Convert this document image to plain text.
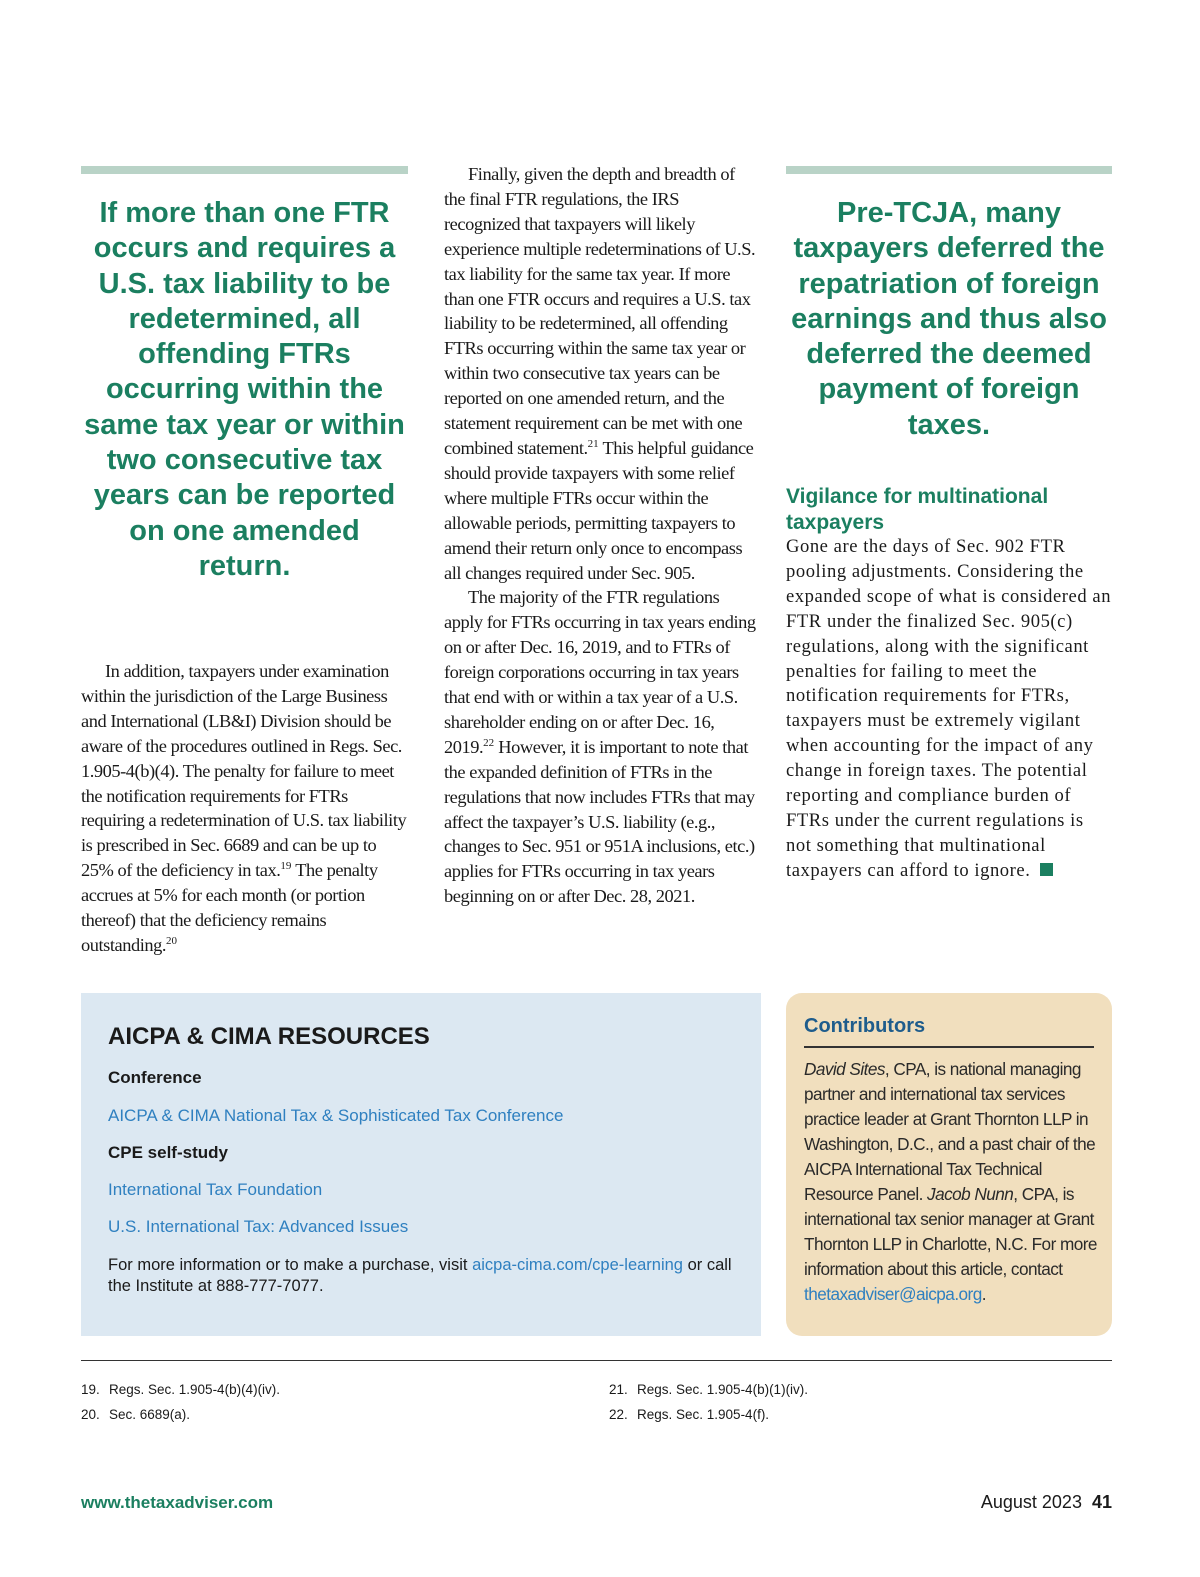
If more than one FTR occurs and requires a U.S. tax liability to be redetermined, all offending FTRs occurring within the same tax year or within two consecutive tax years can be reported on one amended return.

In addition, taxpayers under examination within the jurisdiction of the Large Business and International (LB&I) Division should be aware of the procedures outlined in Regs. Sec. 1.905-4(b)(4). The penalty for failure to meet the notification requirements for FTRs requiring a redetermination of U.S. tax liability is prescribed in Sec. 6689 and can be up to 25% of the deficiency in tax.$^{19}$ The penalty accrues at 5% for each month (or portion thereof) that the deficiency remains outstanding.$^{20}$

Finally, given the depth and breadth of the final FTR regulations, the IRS recognized that taxpayers will likely experience multiple redeterminations of U.S. tax liability for the same tax year. If more than one FTR occurs and requires a U.S. tax liability to be redetermined, all offending FTRs occurring within the same tax year or within two consecutive tax years can be reported on one amended return, and the statement requirement can be met with one combined statement.$^{21}$ This helpful guidance should provide taxpayers with some relief where multiple FTRs occur within the allowable periods, permitting taxpayers to amend their return only once to encompass all changes required under Sec. 905.

The majority of the FTR regulations apply for FTRs occurring in tax years ending on or after Dec. 16, 2019, and to FTRs of foreign corporations occurring in tax years that end with or within a tax year of a U.S. shareholder ending on or after Dec. 16, 2019.22 However, it is important to note that the expanded definition of FTRs in the regulations that now includes FTRs that may affect the taxpayer’s U.S. liability (e.g., changes to Sec. 951 or 951A inclusions, etc.) applies for FTRs occurring in tax years beginning on or after Dec. 28, 2021.

Pre-TCJA, many taxpayers deferred the repatriation of foreign earnings and thus also deferred the deemed payment of foreign taxes.
Vigilance for multinational taxpayers
Gone are the days of Sec. 902 FTR pooling adjustments. Considering the expanded scope of what is considered an FTR under the finalized Sec. 905(c) regulations, along with the significant penalties for failing to meet the notification requirements for FTRs, taxpayers must be extremely vigilant when accounting for the impact of any change in foreign taxes. The potential reporting and compliance burden of FTRs under the current regulations is not something that multinational taxpayers can afford to ignore.
AICPA & CIMA RESOURCES
Conference
AICPA & CIMA National Tax & Sophisticated Tax Conference
CPE self-study
International Tax Foundation
U.S. International Tax: Advanced Issues
For more information or to make a purchase, visit aicpa-cima.com/cpe-learning or call the Institute at 888-777-7077.
Contributors
David Sites, CPA, is national managing partner and international tax services practice leader at Grant Thornton LLP in Washington, D.C., and a past chair of the AICPA International Tax Technical Resource Panel. Jacob Nunn, CPA, is international tax senior manager at Grant Thornton LLP in Charlotte, N.C. For more information about this article, contact thetaxadviser@aicpa.org.
19. Regs. Sec. 1.905-4(b)(4)(iv).
20. Sec. 6689(a).
21. Regs. Sec. 1.905-4(b)(1)(iv).
22. Regs. Sec. 1.905-4(f).
www.thetaxadviser.com	August 2023 41
